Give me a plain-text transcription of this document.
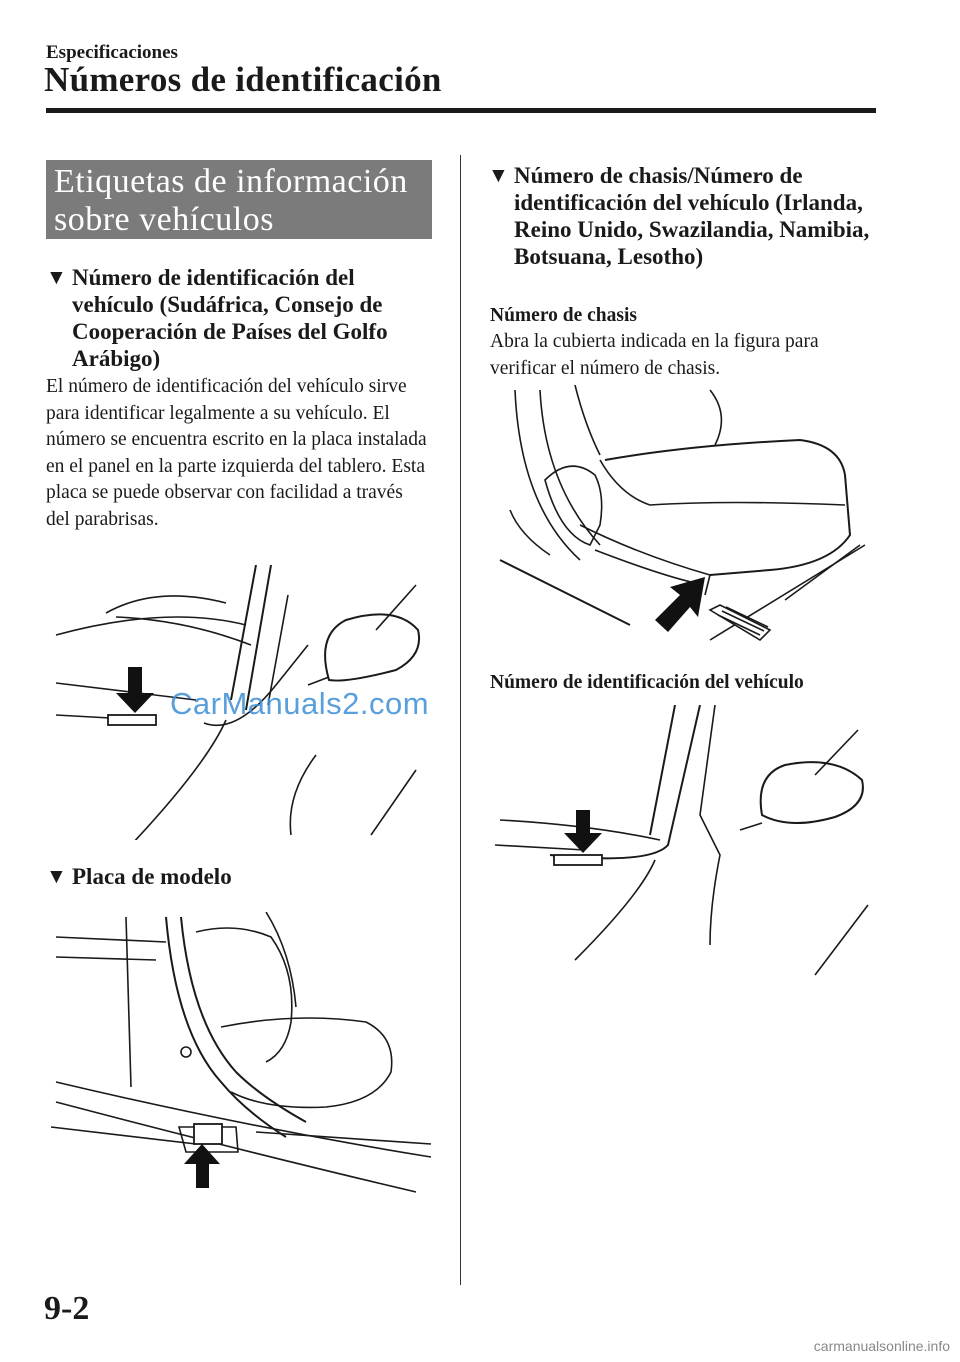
Especificaciones
Números de identificación
Etiquetas de información sobre vehículos
▼ Número de identificación del vehículo (Sudáfrica, Consejo de Cooperación de Países del Golfo Arábigo)
El número de identificación del vehículo sirve para identificar legalmente a su vehículo. El número se encuentra escrito en la placa instalada en el panel en la parte izquierda del tablero. Esta placa se puede observar con facilidad a través del parabrisas.
CarManuals2.com
▼ Placa de modelo
▼ Número de chasis/Número de identificación del vehículo (Irlanda, Reino Unido, Swazilandia, Namibia, Botsuana, Lesotho)
Número de chasis
Abra la cubierta indicada en la figura para verificar el número de chasis.
Número de identificación del vehículo
9-2
carmanualsonline.info
